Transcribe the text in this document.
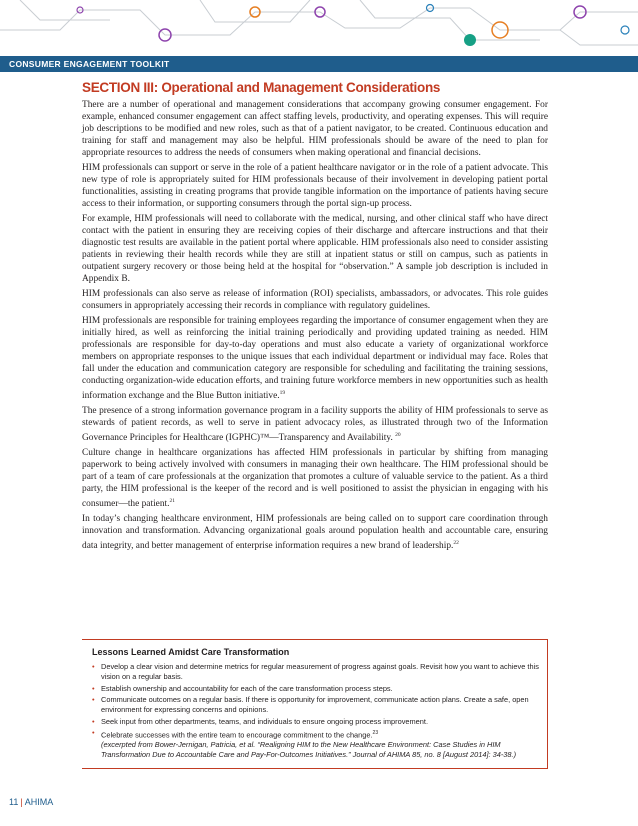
CONSUMER ENGAGEMENT TOOLKIT
SECTION III: Operational and Management Considerations

There are a number of operational and management considerations that accompany growing consumer engagement. For example, enhanced consumer engagement can affect staffing levels, productivity, and operating expenses. This will require job descriptions to be modified and new roles, such as that of a patient navigator, to be created. Continuous education and training for staff and management may also be helpful. HIM professionals should be aware of the need to plan for appropriate resources to address the needs of consumers when making operational and financial decisions.

HIM professionals can support or serve in the role of a patient healthcare navigator or in the role of a patient advocate. This new type of role is appropriately suited for HIM professionals because of their involvement in developing patient portal functionalities, assisting in creating programs that provide tangible information on the importance of patients having secure access to their information, or supporting consumers through the portal sign-up process.

For example, HIM professionals will need to collaborate with the medical, nursing, and other clinical staff who have direct contact with the patient in ensuring they are receiving copies of their discharge and aftercare instructions and that their diagnostic test results are available in the patient portal where applicable. HIM professionals also need to consider assisting patients in reviewing their health records while they are still at inpatient status or still on campus, such as patients in outpatient surgery recovery or those being held at the hospital for “observation.” A sample job description is included in Appendix B.

HIM professionals can also serve as release of information (ROI) specialists, ambassadors, or advocates. This role guides consumers in appropriately accessing their records in compliance with regulatory guidelines.

HIM professionals are responsible for training employees regarding the importance of consumer engagement when they are initially hired, as well as reinforcing the initial training periodically and providing updated training as needed. HIM professionals are responsible for day-to-day operations and must also educate a variety of organizational workforce members on appropriate responses to the unique issues that each individual department or individual may face. Roles that fall under the education and communication category are responsible for scheduling and facilitating the training sessions, conducting organization-wide education efforts, and training future workforce members in new opportunities such as health information exchange and the Blue Button initiative.$^{19}$

The presence of a strong information governance program in a facility supports the ability of HIM professionals to serve as stewards of patient records, as well to serve in patient advocacy roles, as illustrated through two of the Information Governance Principles for Healthcare (IGPHC)™—Transparency and Availability. $^{20}$

Culture change in healthcare organizations has affected HIM professionals in particular by shifting from managing paperwork to being actively involved with consumers in managing their own healthcare. The HIM professional should be part of a team of care professionals at the organization that promotes a culture of valuable service to the patient. As a third party, the HIM professional is the keeper of the record and is well positioned to assist the physician in engaging with his consumer—the patient.$^{21}$

In today’s changing healthcare environment, HIM professionals are being called on to support care coordination through innovation and transformation. Advancing organizational goals around population health and accountable care, ensuring data integrity, and better management of enterprise information requires a new brand of leadership.$^{22}$

Lessons Learned Amidst Care Transformation
• Develop a clear vision and determine metrics for regular measurement of progress against goals. Revisit how you want to achieve this vision on a regular basis.
• Establish ownership and accountability for each of the care transformation process steps.
• Communicate outcomes on a regular basis. If there is opportunity for improvement, communicate action plans. Create a safe, open environment for expressing concerns and opinions.
• Seek input from other departments, teams, and individuals to ensure ongoing process improvement.
• Celebrate successes with the entire team to encourage commitment to the change.$^{23}$
(excerpted from Bower-Jernigan, Patricia, et al. “Realigning HIM to the New Healthcare Environment: Case Studies in HIM Transformation Due to Accountable Care and Pay-For-Outcomes Initiatives.” Journal of AHIMA 85, no. 8 [August 2014]: 34-38.)
11 | AHIMA
